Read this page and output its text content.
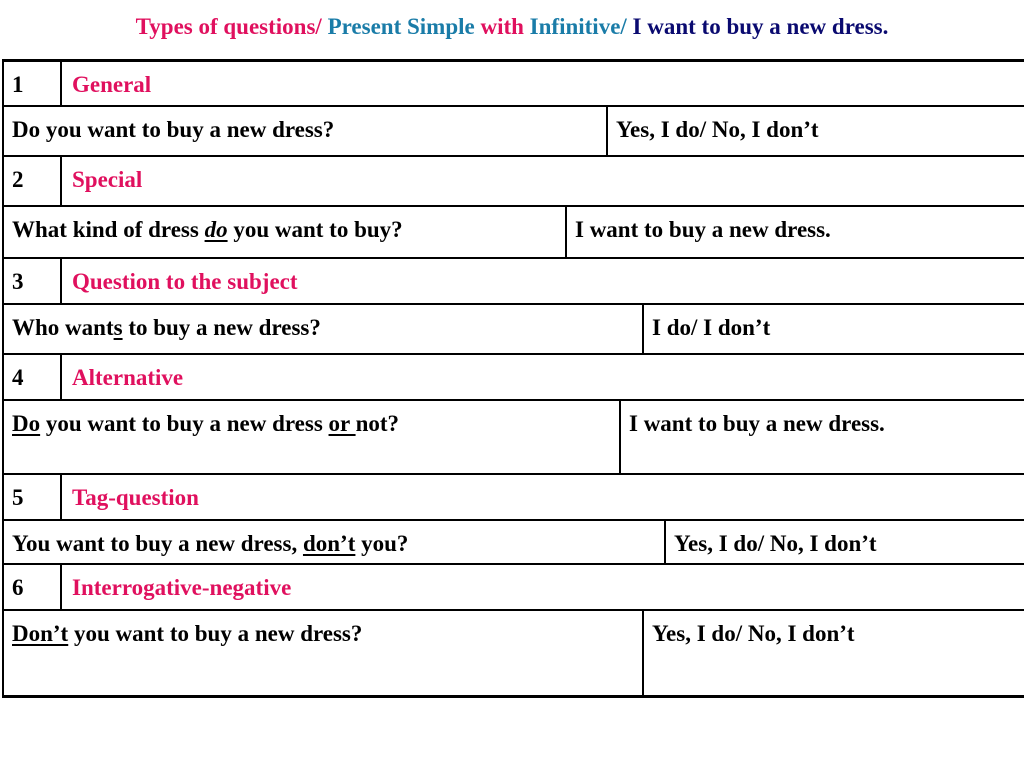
Types of questions/ Present Simple with Infinitive/ I want to buy a new dress.
1	General
Do you want to buy a new dress?	Yes, I do/ No, I don’t
2	Special
What kind of dress do you want to buy?	I want to buy a new dress.
3	Question to the subject
Who wants to buy a new dress?	I do/ I don’t
4	Alternative
Do you want to buy a new dress or not?	I want to buy a new dress.
5	Tag-question
You want to buy a new dress, don’t you?	Yes, I do/ No, I don’t
6	Interrogative-negative
Don’t you want to buy a new dress?	Yes, I do/ No, I don’t
